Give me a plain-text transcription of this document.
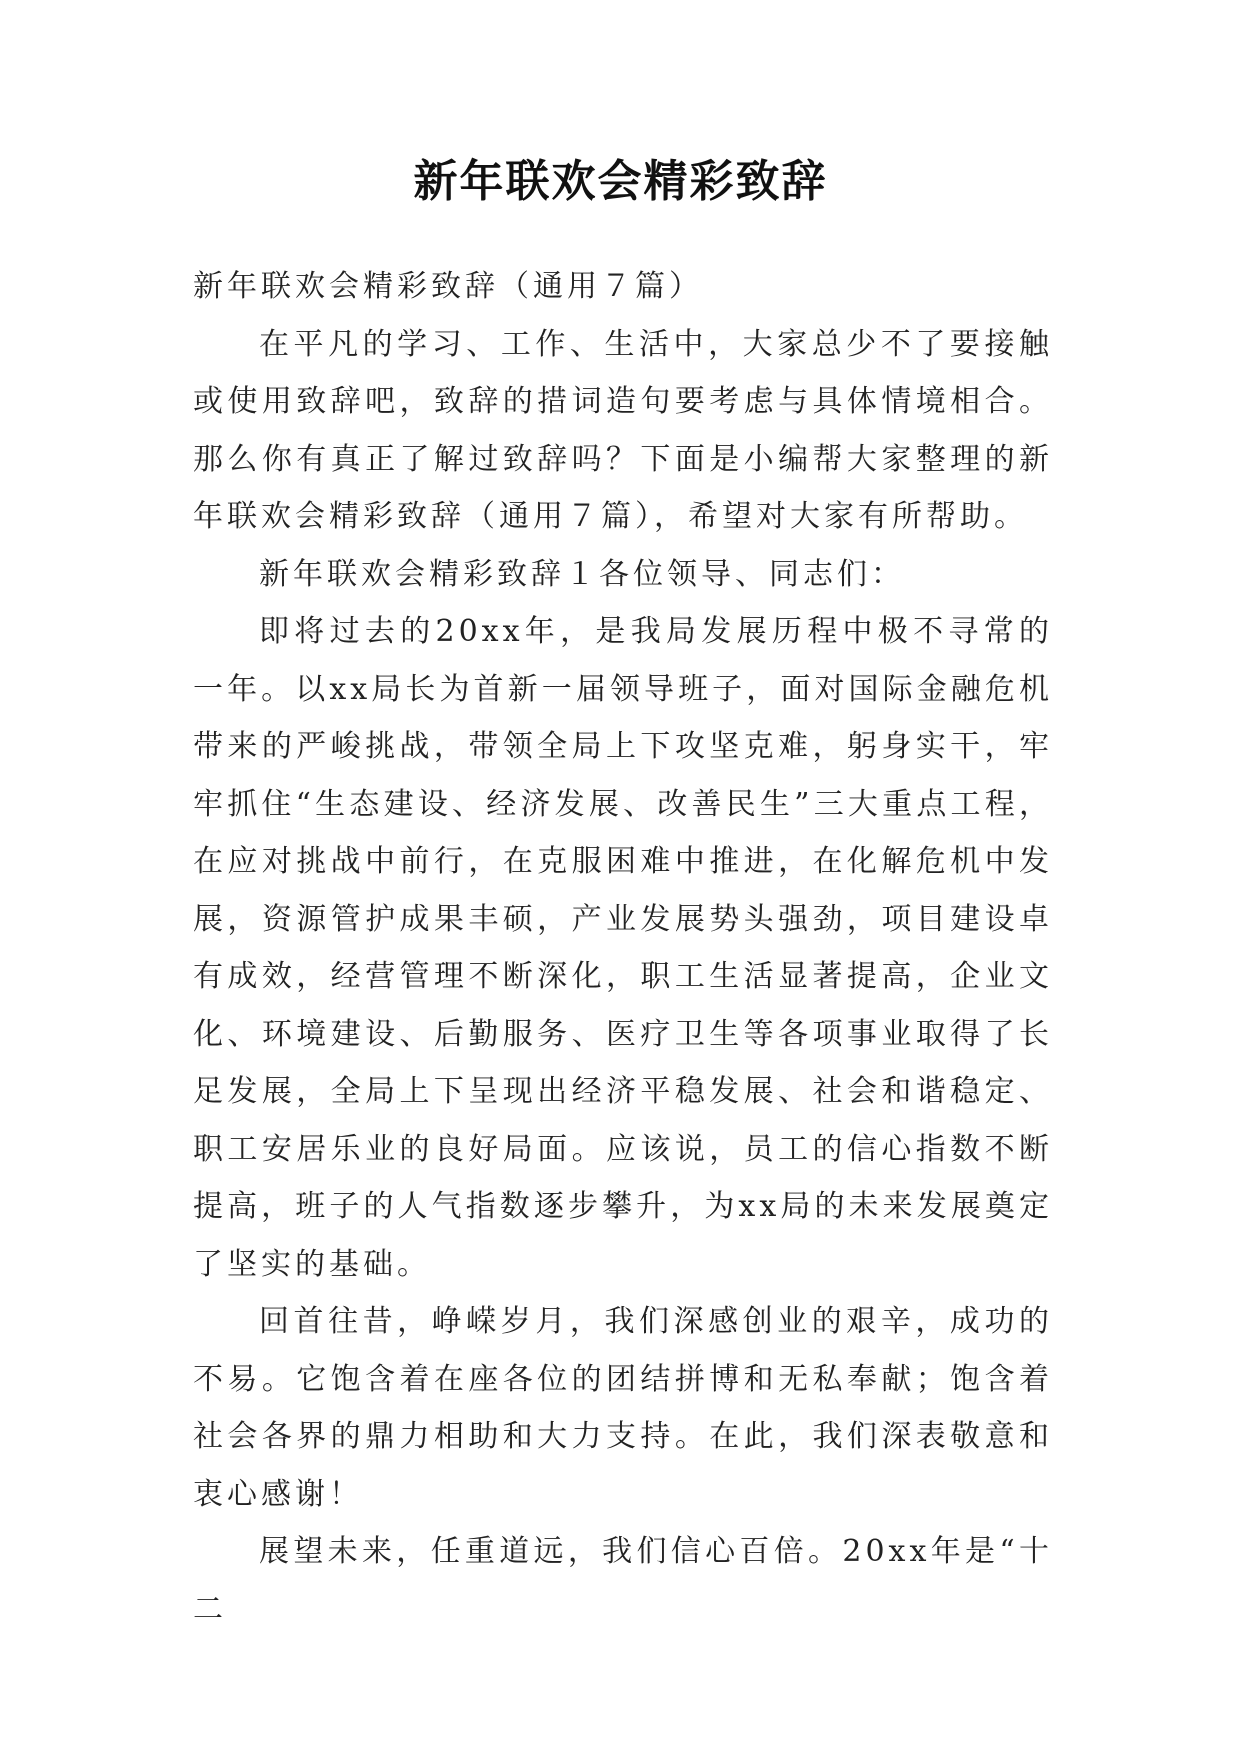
新年联欢会精彩致辞

新年联欢会精彩致辞（通用７篇）

在平凡的学习、工作、生活中，大家总少不了要接触或使用致辞吧，致辞的措词造句要考虑与具体情境相合。那么你有真正了解过致辞吗？下面是小编帮大家整理的新年联欢会精彩致辞（通用７篇），希望对大家有所帮助。

新年联欢会精彩致辞１各位领导、同志们：

即将过去的20xx年，是我局发展历程中极不寻常的一年。以xx局长为首新一届领导班子，面对国际金融危机带来的严峻挑战，带领全局上下攻坚克难，躬身实干，牢牢抓住“生态建设、经济发展、改善民生”三大重点工程，在应对挑战中前行，在克服困难中推进，在化解危机中发展，资源管护成果丰硕，产业发展势头强劲，项目建设卓有成效，经营管理不断深化，职工生活显著提高，企业文化、环境建设、后勤服务、医疗卫生等各项事业取得了长足发展，全局上下呈现出经济平稳发展、社会和谐稳定、职工安居乐业的良好局面。应该说，员工的信心指数不断提高，班子的人气指数逐步攀升，为xx局的未来发展奠定了坚实的基础。

回首往昔，峥嵘岁月，我们深感创业的艰辛，成功的不易。它饱含着在座各位的团结拼博和无私奉献；饱含着社会各界的鼎力相助和大力支持。在此，我们深表敬意和衷心感谢！

展望未来，任重道远，我们信心百倍。20xx年是“十二
